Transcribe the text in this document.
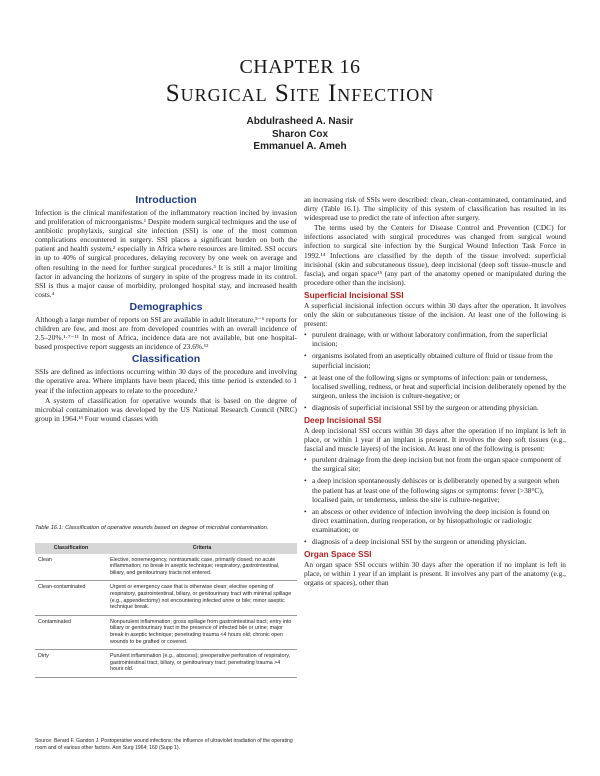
CHAPTER 16
Surgical Site Infection
Abdulrasheed A. Nasir
Sharon Cox
Emmanuel A. Ameh
Introduction

Infection is the clinical manifestation of the inflammatory reaction incited by invasion and proliferation of microorganisms.¹ Despite modern surgical techniques and the use of antibiotic prophylaxis, surgical site infection (SSI) is one of the most common complications encountered in surgery. SSI places a significant burden on both the patient and health system,² especially in Africa where resources are limited. SSI occurs in up to 40% of surgical procedures, delaying recovery by one week on average and often resulting in the need for further surgical procedures.³ It is still a major limiting factor in advancing the horizons of surgery in spite of the progress made in its control. SSI is thus a major cause of morbidity, prolonged hospital stay, and increased health costs.⁴

Demographics

Although a large number of reports on SSI are available in adult literature,⁵⁻⁶ reports for children are few, and most are from developed countries with an overall incidence of 2.5–20%.¹·⁷⁻¹¹ In most of Africa, incidence data are not available, but one hospital-based prospective report suggests an incidence of 23.6%.¹²

Classification

SSIs are defined as infections occurring within 30 days of the procedure and involving the operative area. Where implants have been placed, this time period is extended to 1 year if the infection appears to relate to the procedure.²

A system of classification for operative wounds that is based on the degree of microbial contamination was developed by the US National Research Council (NRC) group in 1964.¹³ Four wound classes with

Table 16.1: Classification of operative wounds based on degree of microbial contamination.
Classification	Criteria
Clean	Elective, nonemergency, nontraumatic case, primarily closed; no acute inflammation; no break in aseptic technique; respiratory, gastrointestinal, biliary, and genitourinary tracts not entered.
Clean-contaminated	Urgent or emergency case that is otherwise clean; elective opening of respiratory, gastrointestinal, biliary, or genitourinary tract with minimal spillage (e.g., appendectomy) not encountering infected urine or bile; minor aseptic technique break.
Contaminated	Nonpurulent inflammation; gross spillage from gastrointestinal tract; entry into biliary or genitourinary tract in the presence of infected bile or urine; major break in aseptic technique; penetrating trauma <4 hours old; chronic open wounds to be grafted or covered.
Dirty	Purulent inflammation (e.g., abscess); preoperative perforation of respiratory, gastrointestinal tract, biliary, or genitourinary tract; penetrating trauma >4 hours old.
Source: Berard F, Gandon J. Postoperative wound infections: the influence of ultraviolet irradiation of the operating room and of various other factors. Ann Surg 1964; 160 (Supp 1).

an increasing risk of SSIs were described: clean, clean-contaminated, contaminated, and dirty (Table 16.1). The simplicity of this system of classification has resulted in its widespread use to predict the rate of infection after surgery.

The terms used by the Centers for Disease Control and Prevention (CDC) for infections associated with surgical procedures was changed from surgical wound infection to surgical site infection by the Surgical Wound Infection Task Force in 1992.¹⁴ Infections are classified by the depth of the tissue involved: superficial incisional (skin and subcutaneous tissue), deep incisional (deep soft tissue–muscle and fascia), and organ space¹⁵ (any part of the anatomy opened or manipulated during the procedure other than the incision).

Superficial Incisional SSI

A superficial incisional infection occurs within 30 days after the operation. It involves only the skin or subcutaneous tissue of the incision. At least one of the following is present:

• purulent drainage, with or without laboratory confirmation, from the superficial incision;
• organisms isolated from an aseptically obtained culture of fluid or tissue from the superficial incision;
• at least one of the following signs or symptoms of infection: pain or tenderness, localised swelling, redness, or heat and superficial incision deliberately opened by the surgeon, unless the incision is culture-negative; or
• diagnosis of superficial incisional SSI by the surgeon or attending physician.
Deep Incisional SSI

A deep incisional SSI occurs within 30 days after the operation if no implant is left in place, or within 1 year if an implant is present. It involves the deep soft tissues (e.g., fascial and muscle layers) of the incision. At least one of the following is present:

• purulent drainage from the deep incision but not from the organ space component of the surgical site;
• a deep incision spontaneously dehisces or is deliberately opened by a surgeon when the patient has at least one of the following signs or symptoms: fever (>38°C), localised pain, or tenderness, unless the site is culture-negative;
• an abscess or other evidence of infection involving the deep incision is found on direct examination, during reoperation, or by histopathologic or radiologic examination; or
• diagnosis of a deep incisional SSI by the surgeon or attending physician.
Organ Space SSI

An organ space SSI occurs within 30 days after the operation if no implant is left in place, or within 1 year if an implant is present. It involves any part of the anatomy (e.g., organs or spaces), other than
